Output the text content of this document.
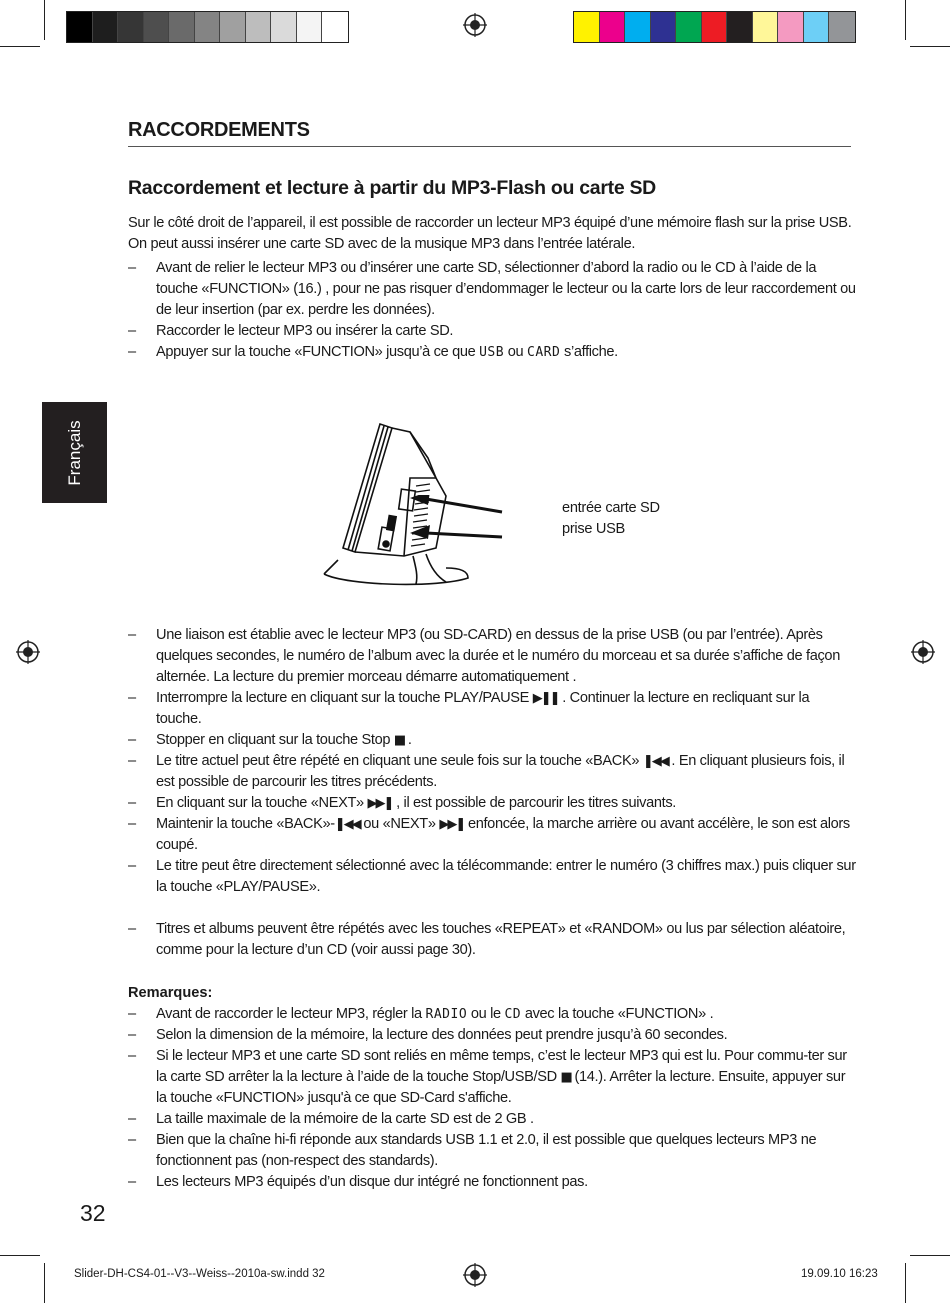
RACCORDEMENTS
Raccordement et lecture à partir du MP3-Flash ou carte SD
Sur le côté droit de l’appareil, il est possible de raccorder un lecteur MP3 équipé d’une mémoire flash sur la prise USB. On peut aussi insérer une carte SD avec de la musique MP3 dans l’entrée latérale.
– Avant de relier le lecteur MP3 ou d’insérer une carte SD, sélectionner d’abord la radio ou le CD à l’aide de la touche «FUNCTION» (16.) , pour ne pas risquer d’endommager le lecteur ou la carte lors de leur raccordement ou de leur insertion (par ex. perdre les données).
– Raccorder le lecteur MP3 ou insérer la carte SD.
– Appuyer sur la touche «FUNCTION» jusqu’à ce que USB ou CARD s’affiche.
Français
entrée carte SD
prise USB
– Une liaison est établie avec le lecteur MP3 (ou SD-CARD) en dessus de la prise USB (ou par l’entrée). Après quelques secondes, le numéro de l’album avec la durée et le numéro du morceau et sa durée s’affiche de façon alternée. La lecture du premier morceau démarre automatiquement .
– Interrompre la lecture en cliquant sur la touche PLAY/PAUSE ▶❚❚ . Continuer la lecture en recliquant sur la touche.
– Stopper en cliquant sur la touche Stop ■ .
– Le titre actuel peut être répété en cliquant une seule fois sur la touche «BACK» ❚◀◀ . En cliquant plusieurs fois, il est possible de parcourir les titres précédents.
– En cliquant sur la touche «NEXT» ▶▶❚ , il est possible de parcourir les titres suivants.
– Maintenir la touche «BACK»-❚◀◀ ou «NEXT» ▶▶❚ enfoncée, la marche arrière ou avant accélère, le son est alors coupé.
– Le titre peut être directement sélectionné avec la télécommande: entrer le numéro (3 chiffres max.) puis cliquer sur la touche «PLAY/PAUSE».
– Titres et albums peuvent être répétés avec les touches «REPEAT» et «RANDOM» ou lus par sélection aléatoire, comme pour la lecture d’un CD (voir aussi page 30).
Remarques:
– Avant de raccorder le lecteur MP3, régler la RADIO ou le CD avec la touche «FUNCTION» .
– Selon la dimension de la mémoire, la lecture des données peut prendre jusqu’à 60 secondes.
– Si le lecteur MP3 et une carte SD sont reliés en même temps, c’est le lecteur MP3 qui est lu. Pour commu-ter sur la carte SD arrêter la la lecture à l’aide de la touche Stop/USB/SD ■ (14.). Arrêter la lecture. Ensuite, appuyer sur la touche «FUNCTION» jusqu'à ce que SD-Card s'affiche.
– La taille maximale de la mémoire de la carte SD est de 2 GB .
– Bien que la chaîne hi-fi réponde aux standards USB 1.1 et 2.0, il est possible que quelques lecteurs MP3 ne fonctionnent pas (non-respect des standards).
– Les lecteurs MP3 équipés d’un disque dur intégré ne fonctionnent pas.
32
Slider-DH-CS4-01--V3--Weiss--2010a-sw.indd 32	19.09.10 16:23
